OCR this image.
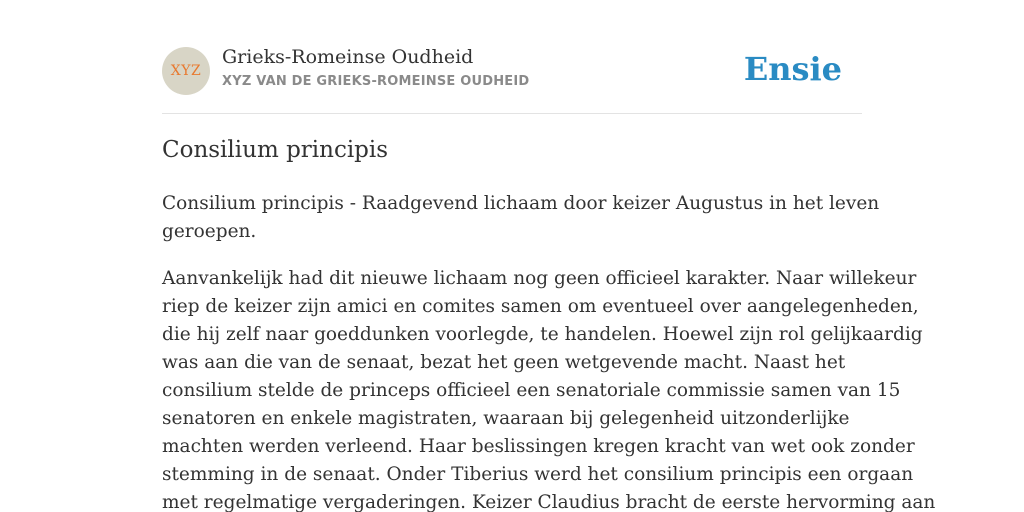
XYZ
Grieks-Romeinse Oudheid
XYZ VAN DE GRIEKS-ROMEINSE OUDHEID	Ensie
Consilium principis
Consilium principis - Raadgevend lichaam door keizer Augustus in het leven
geroepen.
Aanvankelijk had dit nieuwe lichaam nog geen officieel karakter. Naar willekeur
riep de keizer zijn amici en comites samen om eventueel over aangelegenheden,
die hij zelf naar goeddunken voorlegde, te handelen. Hoewel zijn rol gelijkaardig
was aan die van de senaat, bezat het geen wetgevende macht. Naast het
consilium stelde de princeps officieel een senatoriale commissie samen van 15
senatoren en enkele magistraten, waaraan bij gelegenheid uitzonderlijke
machten werden verleend. Haar beslissingen kregen kracht van wet ook zonder
stemming in de senaat. Onder Tiberius werd het consilium principis een orgaan
met regelmatige vergaderingen. Keizer Claudius bracht de eerste hervorming aan
